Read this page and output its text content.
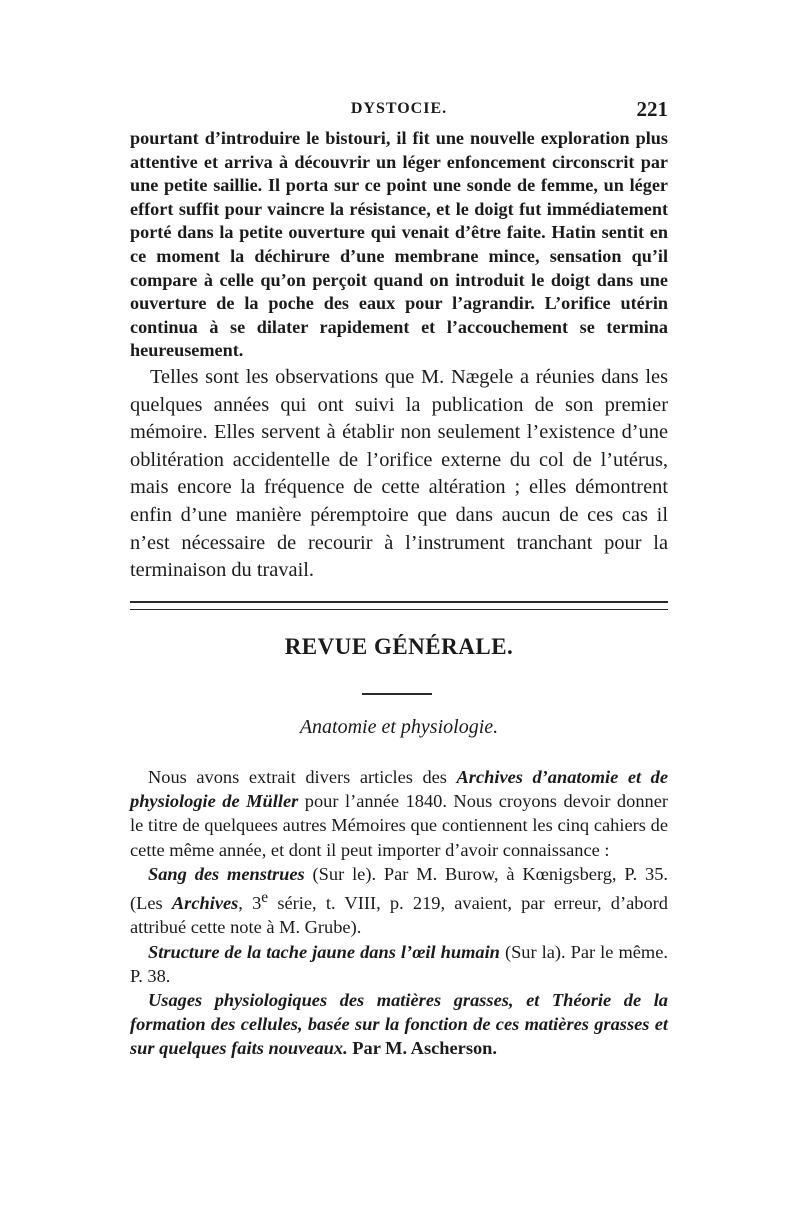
DYSTOCIE.	221

pourtant d’introduire le bistouri, il fit une nouvelle exploration plus attentive et arriva à découvrir un léger enfoncement circonscrit par une petite saillie. Il porta sur ce point une sonde de femme, un léger effort suffit pour vaincre la résistance, et le doigt fut immédiatement porté dans la petite ouverture qui venait d’être faite. Hatin sentit en ce moment la déchirure d’une membrane mince, sensation qu’il compare à celle qu’on perçoit quand on introduit le doigt dans une ouverture de la poche des eaux pour l’agrandir. L’orifice utérin continua à se dilater rapidement et l’accouchement se termina heureusement.

Telles sont les observations que M. Nægele a réunies dans les quelques années qui ont suivi la publication de son premier mémoire. Elles servent à établir non seulement l’existence d’une oblitération accidentelle de l’orifice externe du col de l’utérus, mais encore la fréquence de cette altération ; elles démontrent enfin d’une manière péremptoire que dans aucun de ces cas il n’est nécessaire de recourir à l’instrument tranchant pour la terminaison du travail.

REVUE GÉNÉRALE.
Anatomie et physiologie.

Nous avons extrait divers articles des Archives d’anatomie et de physiologie de Müller pour l’année 1840. Nous croyons devoir donner le titre de quelquees autres Mémoires que contiennent les cinq cahiers de cette même année, et dont il peut importer d’avoir connaissance :

Sang des menstrues (Sur le). Par M. Burow, à Kœnigsberg, P. 35. (Les Archives, 3e série, t. VIII, p. 219, avaient, par erreur, d’abord attribué cette note à M. Grube).

Structure de la tache jaune dans l’œil humain (Sur la). Par le même. P. 38.

Usages physiologiques des matières grasses, et Théorie de la formation des cellules, basée sur la fonction de ces matières grasses et sur quelques faits nouveaux. Par M. Ascherson.
